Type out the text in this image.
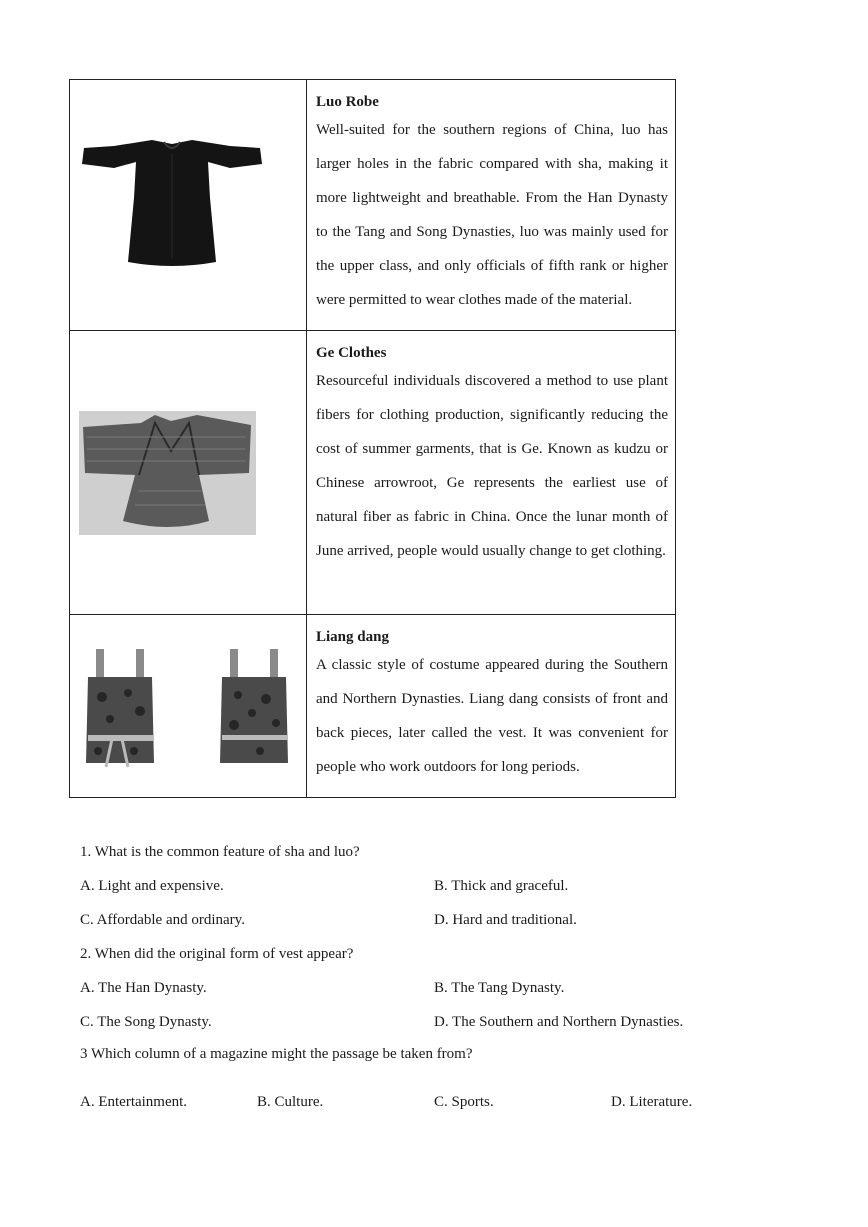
Luo Robe

Well-suited for the southern regions of China, luo has larger holes in the fabric compared with sha, making it more lightweight and breathable. From the Han Dynasty to the Tang and Song Dynasties, luo was mainly used for the upper class, and only officials of fifth rank or higher were permitted to wear clothes made of the material.

Ge Clothes

Resourceful individuals discovered a method to use plant fibers for clothing production, significantly reducing the cost of summer garments, that is Ge. Known as kudzu or Chinese arrowroot, Ge represents the earliest use of natural fiber as fabric in China. Once the lunar month of June arrived, people would usually change to get clothing.

Liang dang

A classic style of costume appeared during the Southern and Northern Dynasties. Liang dang consists of front and back pieces, later called the vest. It was convenient for people who work outdoors for long periods.

1. What is the common feature of sha and luo?
A. Light and expensive.	B. Thick and graceful.
C. Affordable and ordinary.	D. Hard and traditional.
2. When did the original form of vest appear?
A. The Han Dynasty.	B. The Tang Dynasty.
C. The Song Dynasty.	D. The Southern and Northern Dynasties.
3 Which column of a magazine might the passage be taken from?
A. Entertainment.	B. Culture.	C. Sports.	D. Literature.
